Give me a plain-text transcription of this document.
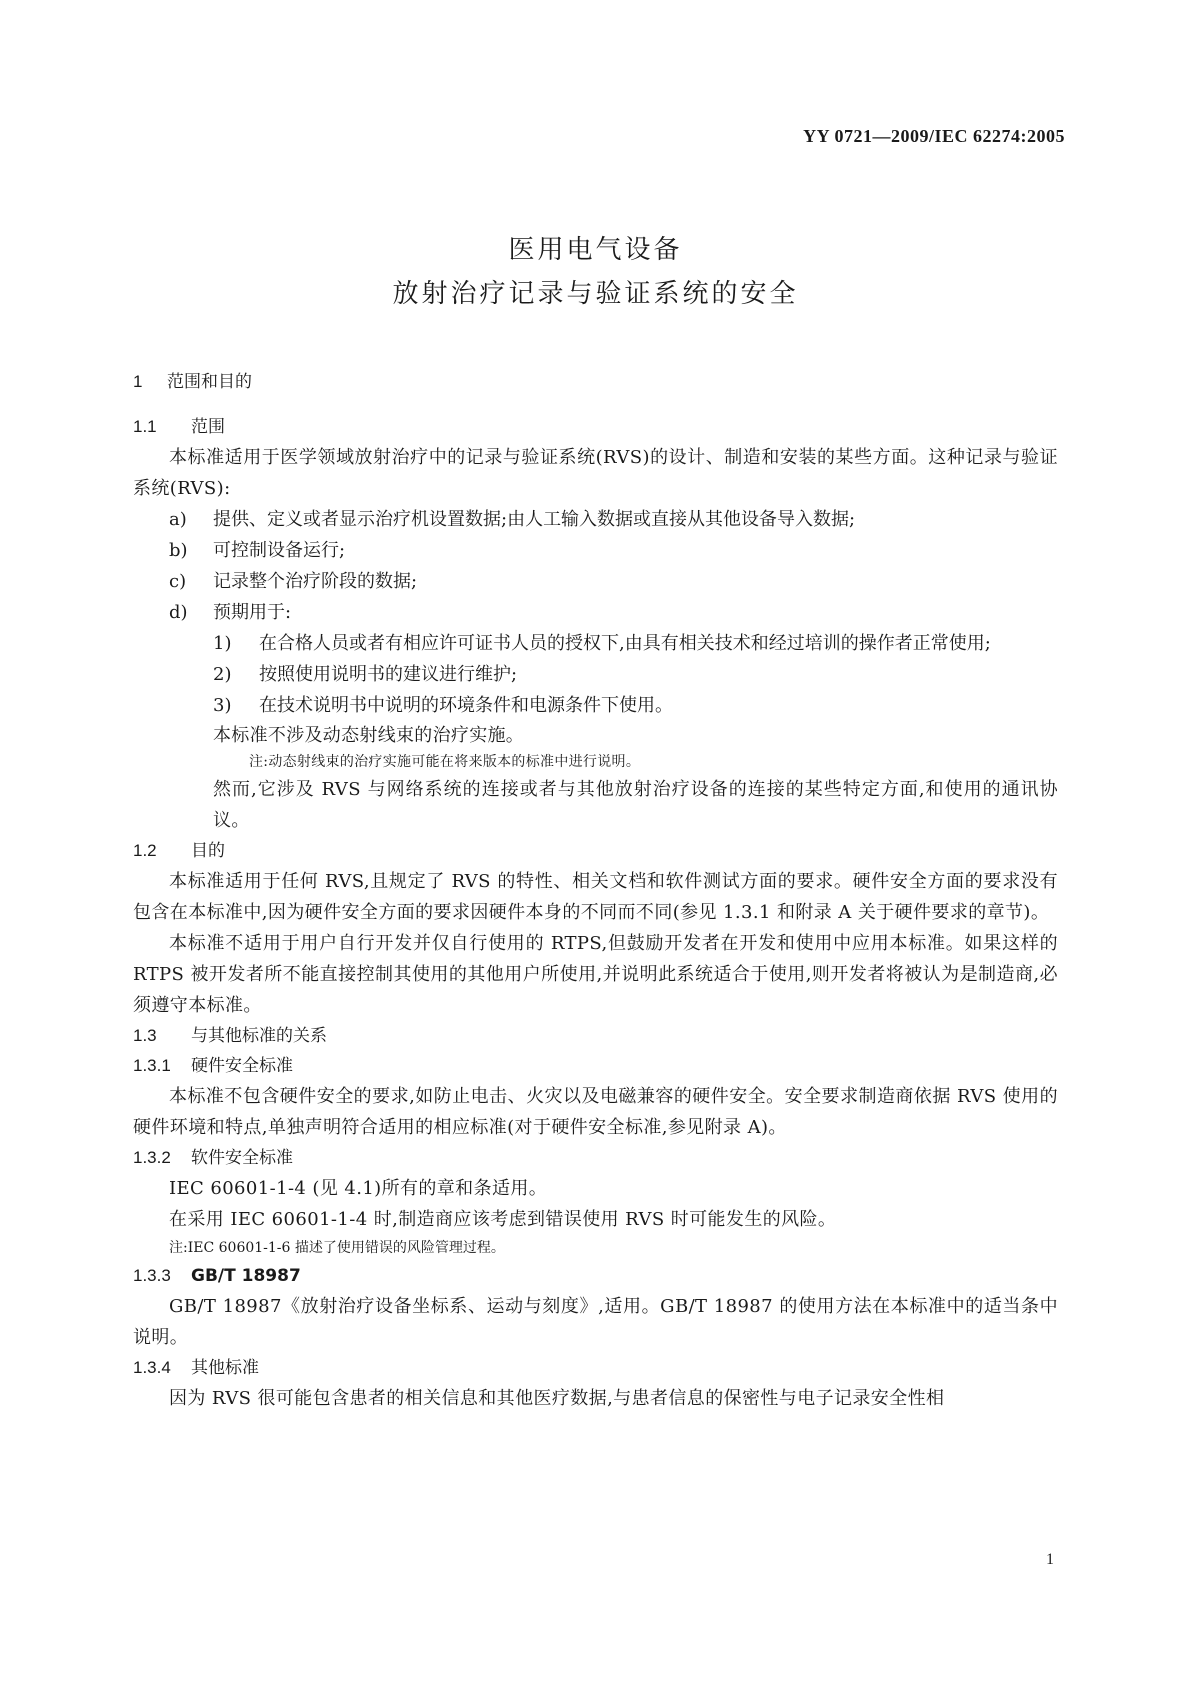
YY 0721—2009/IEC 62274:2005
医用电气设备
放射治疗记录与验证系统的安全
1 范围和目的
1.1 范围
本标准适用于医学领域放射治疗中的记录与验证系统(RVS)的设计、制造和安装的某些方面。这种记录与验证系统(RVS):
a) 提供、定义或者显示治疗机设置数据;由人工输入数据或直接从其他设备导入数据;
b) 可控制设备运行;
c) 记录整个治疗阶段的数据;
d) 预期用于:
1) 在合格人员或者有相应许可证书人员的授权下,由具有相关技术和经过培训的操作者正常使用;
2) 按照使用说明书的建议进行维护;
3) 在技术说明书中说明的环境条件和电源条件下使用。
本标准不涉及动态射线束的治疗实施。
注:动态射线束的治疗实施可能在将来版本的标准中进行说明。
然而,它涉及 RVS 与网络系统的连接或者与其他放射治疗设备的连接的某些特定方面,和使用的通讯协议。
1.2 目的
本标准适用于任何 RVS,且规定了 RVS 的特性、相关文档和软件测试方面的要求。硬件安全方面的要求没有包含在本标准中,因为硬件安全方面的要求因硬件本身的不同而不同(参见 1.3.1 和附录 A 关于硬件要求的章节)。
本标准不适用于用户自行开发并仅自行使用的 RTPS,但鼓励开发者在开发和使用中应用本标准。如果这样的 RTPS 被开发者所不能直接控制其使用的其他用户所使用,并说明此系统适合于使用,则开发者将被认为是制造商,必须遵守本标准。
1.3 与其他标准的关系
1.3.1 硬件安全标准
本标准不包含硬件安全的要求,如防止电击、火灾以及电磁兼容的硬件安全。安全要求制造商依据 RVS 使用的硬件环境和特点,单独声明符合适用的相应标准(对于硬件安全标准,参见附录 A)。
1.3.2 软件安全标准
IEC 60601-1-4 (见 4.1)所有的章和条适用。
在采用 IEC 60601-1-4 时,制造商应该考虑到错误使用 RVS 时可能发生的风险。
注:IEC 60601-1-6 描述了使用错误的风险管理过程。
1.3.3 GB/T 18987
GB/T 18987《放射治疗设备坐标系、运动与刻度》,适用。GB/T 18987 的使用方法在本标准中的适当条中说明。
1.3.4 其他标准
因为 RVS 很可能包含患者的相关信息和其他医疗数据,与患者信息的保密性与电子记录安全性相
1
